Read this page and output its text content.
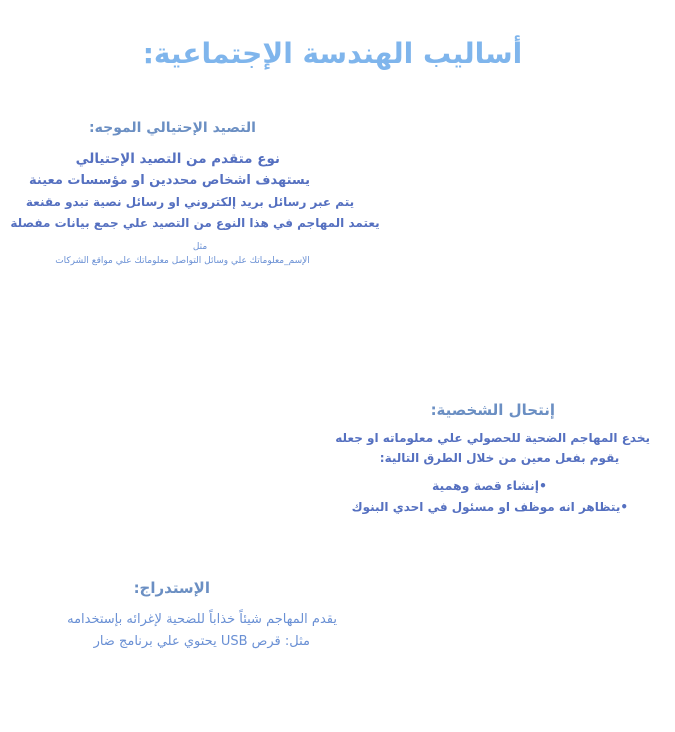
أساليب الهندسة الإجتماعية:
التصيد الإحتيالي الموجه:
نوع متقدم من التصيد الإحتيالي
يستهدف اشخاص محددين او مؤسسات معينة
يتم عبر رسائل بريد إلكتروني او رسائل نصية تبدو مقنعة
يعتمد المهاجم في هذا النوع من التصيد علي جمع بيانات مفصلة
مثل
الإسم_معلوماتك علي وسائل التواصل معلوماتك علي مواقع الشركات
إنتحال الشخصية:
يخدع المهاجم الضحية للحصولي علي معلوماته او جعله
يقوم بفعل معين من خلال الطرق التالية:
•إنشاء قصة وهمية
•يتظاهر انه موظف او مسئول في احدي البنوك
الإستدراج:
يقدم المهاجم شيئاً خذاباً للضحية لإغرائه بإستخدامه
مثل: قرص USB يحتوي علي برنامج ضار
